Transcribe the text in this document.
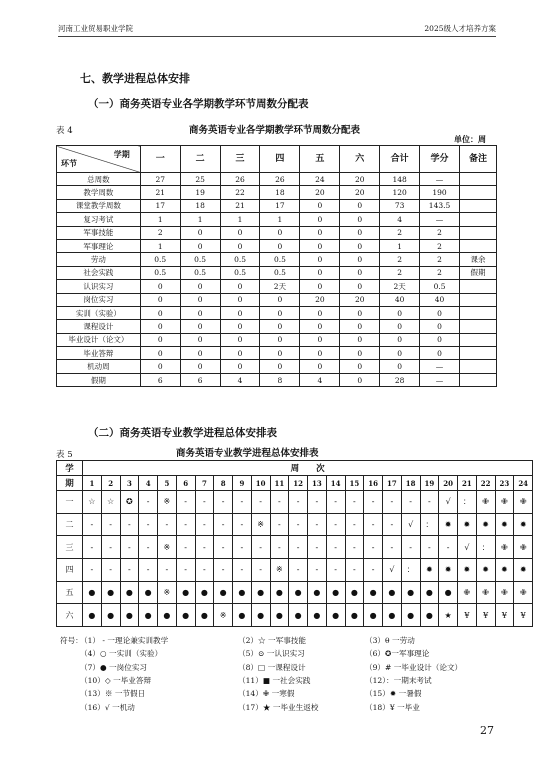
河南工业贸易职业学院	2025级人才培养方案
七、教学进程总体安排
（一）商务英语专业各学期教学环节周数分配表
表 4	商务英语专业各学期教学环节周数分配表
单位：周
学期
环节	一	二	三	四	五	六	合计	学分	备注
总周数	27	25	26	26	24	20	148	—	
教学周数	21	19	22	18	20	20	120	190	
课堂教学周数	17	18	21	17	0	0	73	143.5	
复习考试	1	1	1	1	0	0	4	—	
军事技能	2	0	0	0	0	0	2	2	
军事理论	1	0	0	0	0	0	1	2	
劳动	0.5	0.5	0.5	0.5	0	0	2	2	课余
社会实践	0.5	0.5	0.5	0.5	0	0	2	2	假期
认识实习	0	0	0	2天	0	0	2天	0.5	
岗位实习	0	0	0	0	20	20	40	40	
实训（实验）	0	0	0	0	0	0	0	0	
课程设计	0	0	0	0	0	0	0	0	
毕业设计（论文）	0	0	0	0	0	0	0	0	
毕业答辩	0	0	0	0	0	0	0	0	
机动周	0	0	0	0	0	0	0	—	
假期	6	6	4	8	4	0	28	—	
（二）商务英语专业教学进程总体安排表
表 5	商务英语专业教学进程总体安排表
学	周　　次																							
期	1	2	3	4	5	6	7	8	9	10	11	12	13	14	15	16	17	18	19	20	21	22	23	24
一	☆	☆	✪	-	※	-	-	-	-	-	-	-	-	-	-	-	-	-	-	√	：	✙	✙	✙
二	-	-	-	-	-	-	-	-	-	※	-	-	-	-	-	-	-	√	：	✹	✹	✹	✹	✹
三	-	-	-	-	※	-	-	-	-	-	-	-	-	-	-	-	-	-	-	-	√	：	✙	✙
四	-	-	-	-	-	-	-	-	-	-	※	-	-	-	-	-	√	：	✹	✹	✹	✹	✹	✹
五	●	●	●	●	※	●	●	●	●	●	●	●	●	●	●	●	●	●	●	●	✙	✙	✙	✙
六	●	●	●	●	●	●	●	※	●	●	●	●	●	●	●	●	●	●	●	★	¥	¥	¥	¥
符号：
（1） - 一理论兼实训教学	（2）☆ 一军事技能	（3）θ 一劳动
（4）○ 一实训（实验）	（5）⊙ 一认识实习	（6）✪一军事理论
（7）● 一岗位实习	（8）□ 一课程设计	（9）# 一毕业设计（论文）
（10）◇ 一毕业答辩	（11）■ 一社会实践	（12）：一期末考试
（13）※ 一节假日	（14）✙ 一寒假	（15）✹ 一暑假
（16）√ 一机动	（17）★ 一毕业生返校	（18）¥ 一毕业
27
